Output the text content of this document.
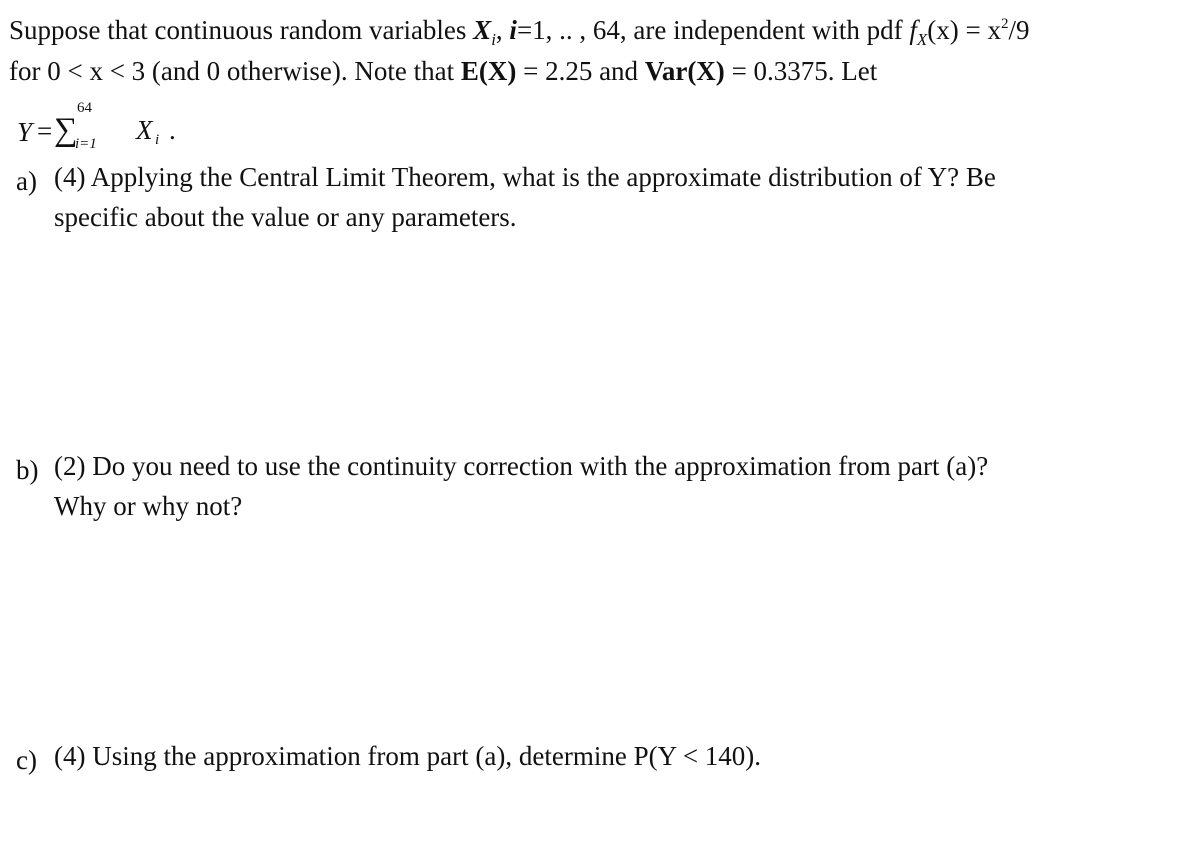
Suppose that continuous random variables $X_i$, i=1, .. , 64, are independent with pdf $f_X(x) = x^2/9$
for 0 < x < 3 (and 0 otherwise). Note that E(X) = 2.25 and Var(X) = 0.3375. Let
Y = ∑
64
i=1 X i .
a) (4) Applying the Central Limit Theorem, what is the approximate distribution of Y? Be
specific about the value or any parameters.
b) (2) Do you need to use the continuity correction with the approximation from part (a)?
Why or why not?
c) (4) Using the approximation from part (a), determine P(Y < 140).
